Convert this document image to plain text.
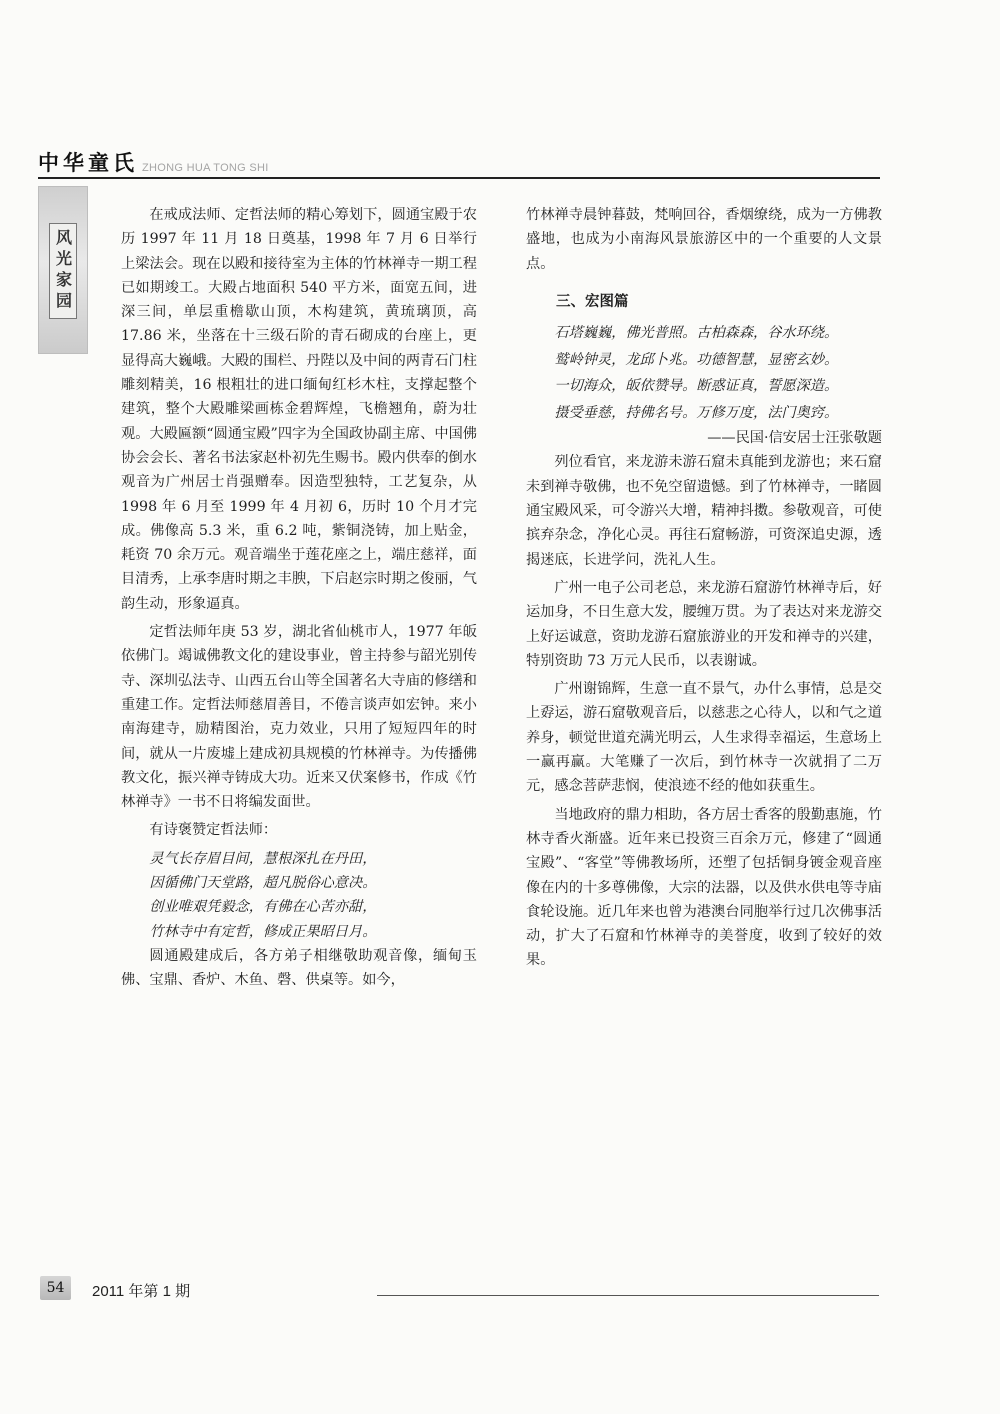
中华童氏 ZHONG HUA TONG SHI
风光家园

在戒成法师、定哲法师的精心筹划下，圆通宝殿于农历 1997 年 11 月 18 日奠基，1998 年 7 月 6 日举行上梁法会。现在以殿和接待室为主体的竹林禅寺一期工程已如期竣工。大殿占地面积 540 平方米，面宽五间，进深三间，单层重檐歇山顶，木构建筑，黄琉璃顶，高 17.86 米，坐落在十三级石阶的青石砌成的台座上，更显得高大巍峨。大殿的围栏、丹陛以及中间的两青石门柱雕刻精美，16 根粗壮的进口缅甸红杉木柱，支撑起整个建筑，整个大殿雕梁画栋金碧辉煌，飞檐翘角，蔚为壮观。大殿匾额“圆通宝殿”四字为全国政协副主席、中国佛协会会长、著名书法家赵朴初先生赐书。殿内供奉的倒水观音为广州居士肖强赠奉。因造型独特，工艺复杂，从 1998 年 6 月至 1999 年 4 月初 6，历时 10 个月才完成。佛像高 5.3 米，重 6.2 吨，紫铜浇铸，加上贴金，耗资 70 余万元。观音端坐于莲花座之上，端庄慈祥，面目清秀，上承李唐时期之丰腴，下启赵宗时期之俊丽，气韵生动，形象逼真。

定哲法师年庚 53 岁，湖北省仙桃市人，1977 年皈依佛门。竭诚佛教文化的建设事业，曾主持参与韶光别传寺、深圳弘法寺、山西五台山等全国著名大寺庙的修缮和重建工作。定哲法师慈眉善目，不倦言谈声如宏钟。来小南海建寺，励精图治，克力效业，只用了短短四年的时间，就从一片废墟上建成初具规模的竹林禅寺。为传播佛教文化，振兴禅寺铸成大功。近来又伏案修书，作成《竹林禅寺》一书不日将编发面世。

有诗褒赞定哲法师：

灵气长存眉目间，慧根深扎在丹田，
因循佛门天堂路，超凡脱俗心意决。
创业唯艰凭毅念，有佛在心苦亦甜，
竹林寺中有定哲，修成正果昭日月。

圆通殿建成后，各方弟子相继敬助观音像，缅甸玉佛、宝鼎、香炉、木鱼、磬、供桌等。如今，

竹林禅寺晨钟暮鼓，梵响回谷，香烟缭绕，成为一方佛教盛地，也成为小南海风景旅游区中的一个重要的人文景点。

三、宏图篇
石塔巍巍，佛光普照。古柏森森，谷水环绕。
鹫岭钟灵，龙邱卜兆。功德智慧，显密玄妙。
一切海众，皈依赞导。断惑证真，誓愿深造。
摄受垂慈，持佛名号。万修万度，法门奥窍。
——民国·信安居士汪张敬题

列位看官，来龙游未游石窟未真能到龙游也；来石窟未到禅寺敬佛，也不免空留遗憾。到了竹林禅寺，一睹圆通宝殿风采，可令游兴大增，精神抖擞。参敬观音，可使摈弃杂念，净化心灵。再往石窟畅游，可资深追史源，透揭迷底，长进学问，洗礼人生。

广州一电子公司老总，来龙游石窟游竹林禅寺后，好运加身，不日生意大发，腰缠万贯。为了表达对来龙游交上好运诚意，资助龙游石窟旅游业的开发和禅寺的兴建，特别资助 73 万元人民币，以表谢诚。

广州谢锦辉，生意一直不景气，办什么事情，总是交上孬运，游石窟敬观音后，以慈悲之心待人，以和气之道养身，顿觉世道充满光明云，人生求得幸福运，生意场上一赢再赢。大笔赚了一次后，到竹林寺一次就捐了二万元，感念菩萨悲悯，使浪迹不经的他如获重生。

当地政府的鼎力相助，各方居士香客的殷勤惠施，竹林寺香火渐盛。近年来已投资三百余万元，修建了“圆通宝殿”、“客堂”等佛教场所，还塑了包括铜身镀金观音座像在内的十多尊佛像，大宗的法器，以及供水供电等寺庙食轮设施。近几年来也曾为港澳台同胞举行过几次佛事活动，扩大了石窟和竹林禅寺的美誉度，收到了较好的效果。

54	2011 年第 1 期
